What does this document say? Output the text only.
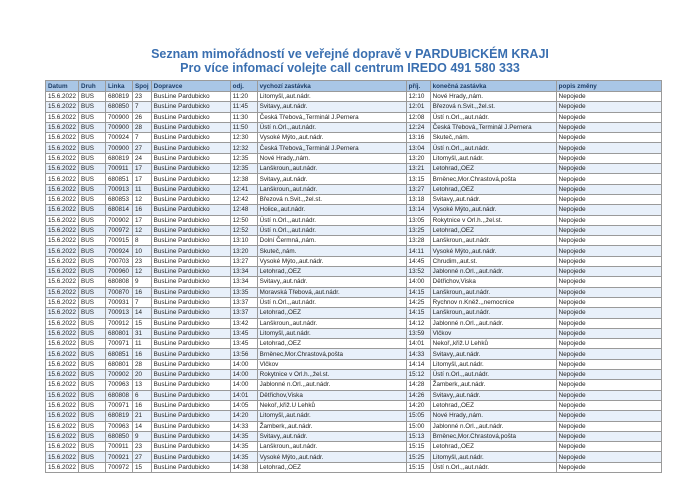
Seznam mimořádností ve veřejné dopravě v PARDUBICKÉM KRAJI
Pro více infomací volejte call centrum IREDO 491 580 333
Datum	Druh	Linka	Spoj	Dopravce	odj.	vychozí zastávka	příj.	konečná zastávka	popis změny
15.6.2022	BUS	680819	23	BusLine Pardubicko	11:20	Litomyšl,,aut.nádr.	12:10	Nové Hrady,,nám.	Nepojede
15.6.2022	BUS	680850	7	BusLine Pardubicko	11:45	Svitavy,,aut.nádr.	12:01	Březová n.Svit.,,žel.st.	Nepojede
15.6.2022	BUS	700900	26	BusLine Pardubicko	11:30	Česká Třebová,,Terminál J.Pernera	12:08	Ústí n.Orl.,,aut.nádr.	Nepojede
15.6.2022	BUS	700900	28	BusLine Pardubicko	11:50	Ústí n.Orl.,,aut.nádr.	12:24	Česká Třebová,,Terminál J.Pernera	Nepojede
15.6.2022	BUS	700924	7	BusLine Pardubicko	12:30	Vysoké Mýto,,aut.nádr.	13:16	Skuteč,,nám.	Nepojede
15.6.2022	BUS	700900	27	BusLine Pardubicko	12:32	Česká Třebová,,Terminál J.Pernera	13:04	Ústí n.Orl.,,aut.nádr.	Nepojede
15.6.2022	BUS	680819	24	BusLine Pardubicko	12:35	Nové Hrady,,nám.	13:20	Litomyšl,,aut.nádr.	Nepojede
15.6.2022	BUS	700911	17	BusLine Pardubicko	12:35	Lanškroun,,aut.nádr.	13:21	Letohrad,,OEZ	Nepojede
15.6.2022	BUS	680851	17	BusLine Pardubicko	12:38	Svitavy,,aut.nádr.	13:15	Brněnec,Mor.Chrastová,pošta	Nepojede
15.6.2022	BUS	700913	11	BusLine Pardubicko	12:41	Lanškroun,,aut.nádr.	13:27	Letohrad,,OEZ	Nepojede
15.6.2022	BUS	680853	12	BusLine Pardubicko	12:42	Březová n.Svit.,,žel.st.	13:18	Svitavy,,aut.nádr.	Nepojede
15.6.2022	BUS	680814	16	BusLine Pardubicko	12:48	Holice,,aut.nádr.	13:14	Vysoké Mýto,,aut.nádr.	Nepojede
15.6.2022	BUS	700902	17	BusLine Pardubicko	12:50	Ústí n.Orl.,,aut.nádr.	13:05	Rokytnice v Orl.h.,,žel.st.	Nepojede
15.6.2022	BUS	700972	12	BusLine Pardubicko	12:52	Ústí n.Orl.,,aut.nádr.	13:25	Letohrad,,OEZ	Nepojede
15.6.2022	BUS	700915	8	BusLine Pardubicko	13:10	Dolní Čermná,,nám.	13:28	Lanškroun,,aut.nádr.	Nepojede
15.6.2022	BUS	700924	10	BusLine Pardubicko	13:20	Skuteč,,nám.	14:11	Vysoké Mýto,,aut.nádr.	Nepojede
15.6.2022	BUS	700703	23	BusLine Pardubicko	13:27	Vysoké Mýto,,aut.nádr.	14:45	Chrudim,,aut.st.	Nepojede
15.6.2022	BUS	700960	12	BusLine Pardubicko	13:34	Letohrad,,OEZ	13:52	Jablonné n.Orl.,,aut.nádr.	Nepojede
15.6.2022	BUS	680808	9	BusLine Pardubicko	13:34	Svitavy,,aut.nádr.	14:00	Dětřichov,Viska	Nepojede
15.6.2022	BUS	700870	16	BusLine Pardubicko	13:35	Moravská Třebová,,aut.nádr.	14:15	Lanškroun,,aut.nádr.	Nepojede
15.6.2022	BUS	700931	7	BusLine Pardubicko	13:37	Ústí n.Orl.,,aut.nádr.	14:25	Rychnov n.Kněž.,,nemocnice	Nepojede
15.6.2022	BUS	700913	14	BusLine Pardubicko	13:37	Letohrad,,OEZ	14:15	Lanškroun,,aut.nádr.	Nepojede
15.6.2022	BUS	700912	15	BusLine Pardubicko	13:42	Lanškroun,,aut.nádr.	14:12	Jablonné n.Orl.,,aut.nádr.	Nepojede
15.6.2022	BUS	680801	31	BusLine Pardubicko	13:45	Litomyšl,,aut.nádr.	13:59	Vlčkov	Nepojede
15.6.2022	BUS	700971	11	BusLine Pardubicko	13:45	Letohrad,,OEZ	14:01	Nekoř,,křiž.U Lehků	Nepojede
15.6.2022	BUS	680851	16	BusLine Pardubicko	13:56	Brněnec,Mor.Chrastová,pošta	14:33	Svitavy,,aut.nádr.	Nepojede
15.6.2022	BUS	680801	28	BusLine Pardubicko	14:00	Vlčkov	14:14	Litomyšl,,aut.nádr.	Nepojede
15.6.2022	BUS	700902	20	BusLine Pardubicko	14:00	Rokytnice v Orl.h.,,žel.st.	15:12	Ústí n.Orl.,,aut.nádr.	Nepojede
15.6.2022	BUS	700963	13	BusLine Pardubicko	14:00	Jablonné n.Orl.,,aut.nádr.	14:28	Žamberk,,aut.nádr.	Nepojede
15.6.2022	BUS	680808	6	BusLine Pardubicko	14:01	Dětřichov,Viska	14:26	Svitavy,,aut.nádr.	Nepojede
15.6.2022	BUS	700971	16	BusLine Pardubicko	14:05	Nekoř,,křiž.U Lehků	14:20	Letohrad,,OEZ	Nepojede
15.6.2022	BUS	680819	21	BusLine Pardubicko	14:20	Litomyšl,,aut.nádr.	15:05	Nové Hrady,,nám.	Nepojede
15.6.2022	BUS	700963	14	BusLine Pardubicko	14:33	Žamberk,,aut.nádr.	15:00	Jablonné n.Orl.,,aut.nádr.	Nepojede
15.6.2022	BUS	680850	9	BusLine Pardubicko	14:35	Svitavy,,aut.nádr.	15:13	Brněnec,Mor.Chrastová,pošta	Nepojede
15.6.2022	BUS	700911	23	BusLine Pardubicko	14:35	Lanškroun,,aut.nádr.	15:15	Letohrad,,OEZ	Nepojede
15.6.2022	BUS	700921	27	BusLine Pardubicko	14:35	Vysoké Mýto,,aut.nádr.	15:25	Litomyšl,,aut.nádr.	Nepojede
15.6.2022	BUS	700972	15	BusLine Pardubicko	14:38	Letohrad,,OEZ	15:15	Ústí n.Orl.,,aut.nádr.	Nepojede
